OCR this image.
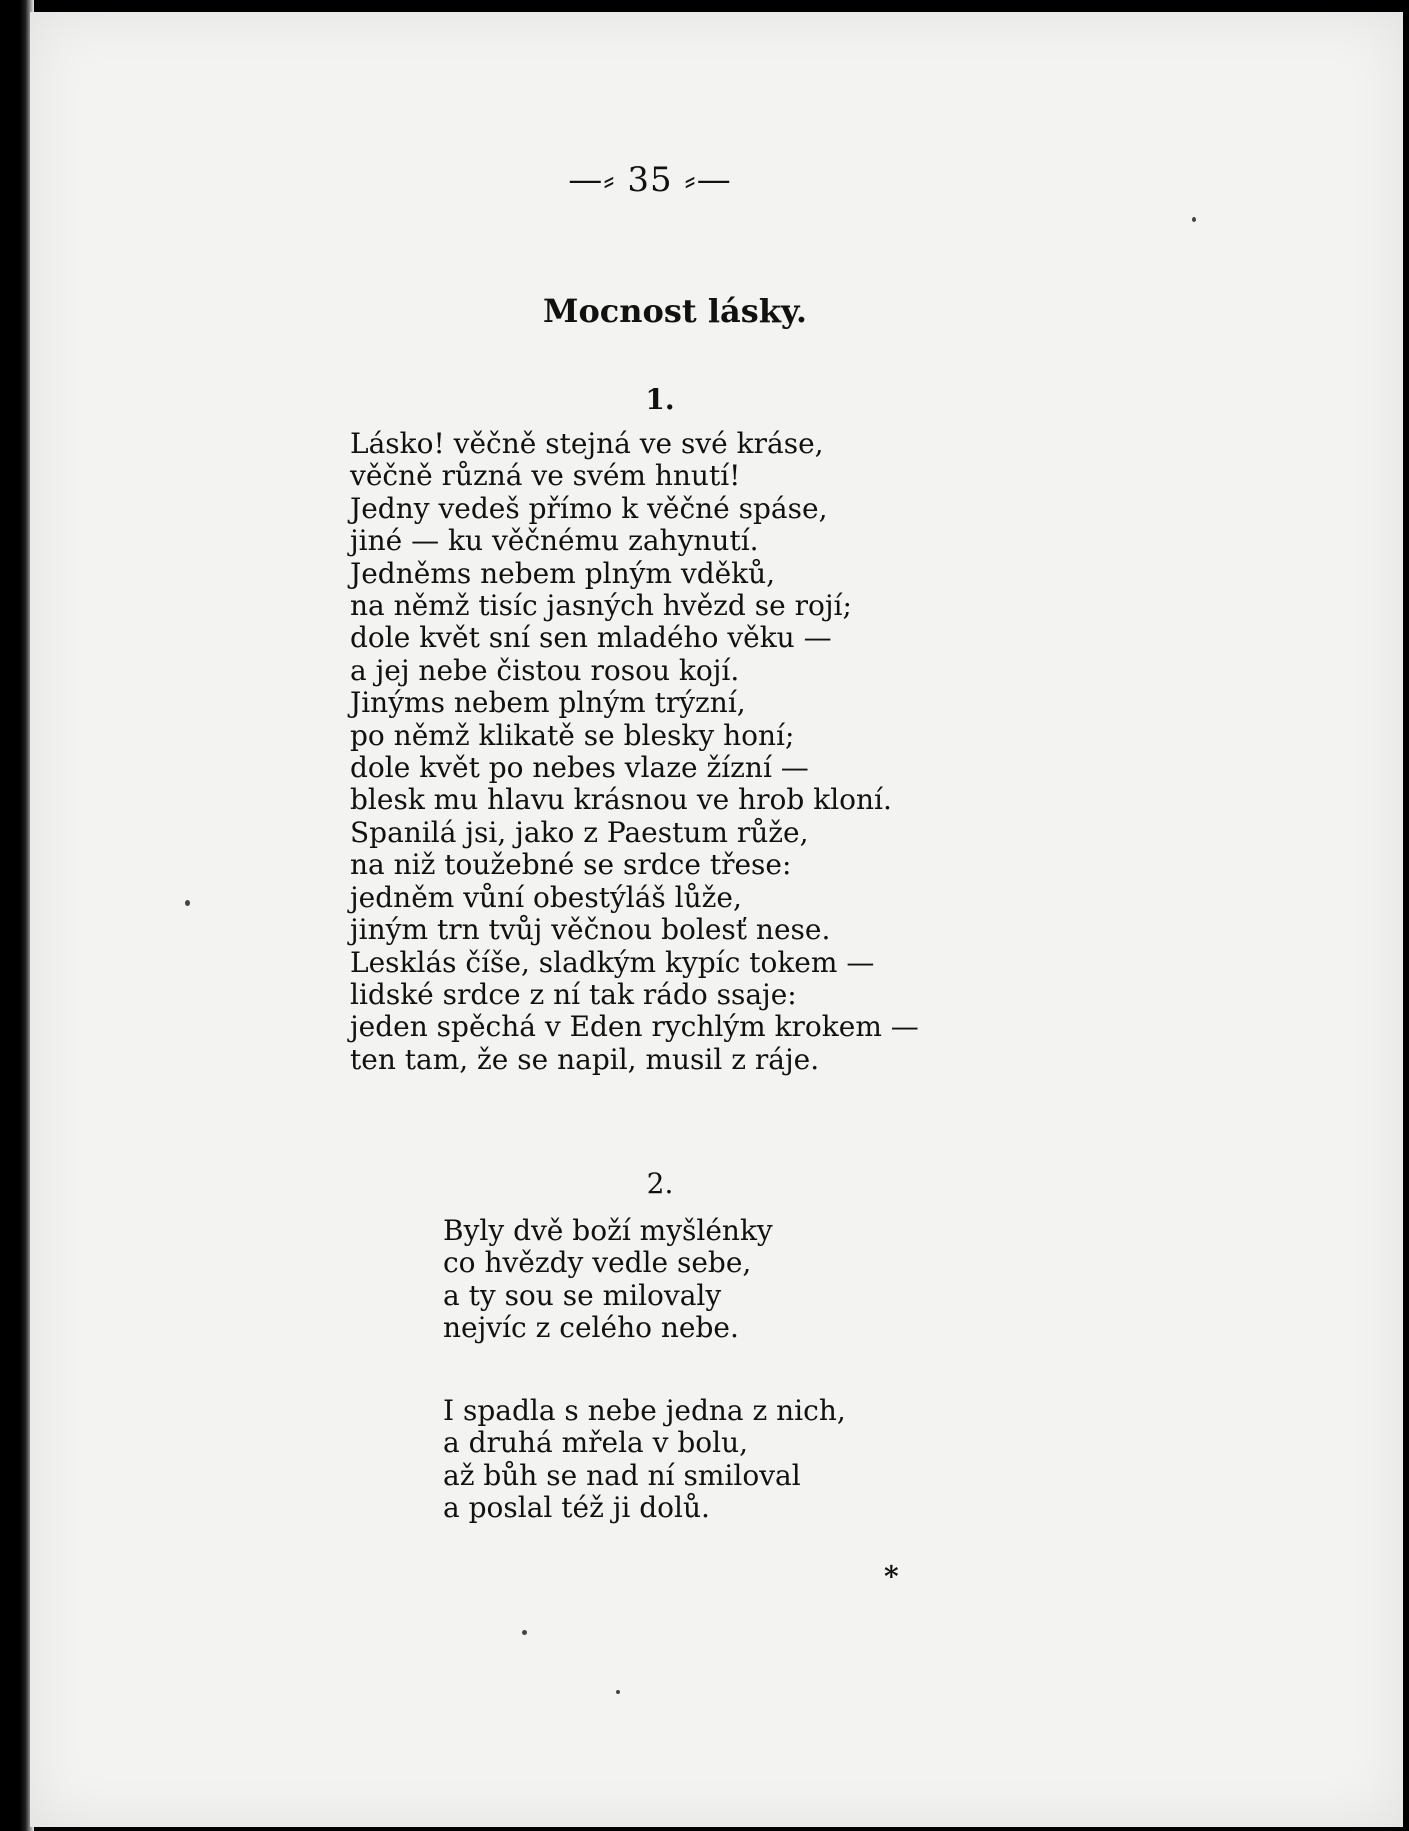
—⸗ 35 ⸗—
Mocnost lásky.
1.
Lásko! věčně stejná ve své kráse,
věčně různá ve svém hnutí!
Jedny vedeš přímo k věčné spáse,
jiné — ku věčnému zahynutí.
Jedněms nebem plným vděků,
na němž tisíc jasných hvězd se rojí;
dole květ sní sen mladého věku —
a jej nebe čistou rosou kojí.
Jinýms nebem plným trýzní,
po němž klikatě se blesky honí;
dole květ po nebes vlaze žízní —
blesk mu hlavu krásnou ve hrob kloní.
Spanilá jsi, jako z Paestum růže,
na niž toužebné se srdce třese:
jedněm vůní obestýláš lůže,
jiným trn tvůj věčnou bolesť nese.
Lesklás číše, sladkým kypíc tokem —
lidské srdce z ní tak rádo ssaje:
jeden spěchá v Eden rychlým krokem —
ten tam, že se napil, musil z ráje.
2.
Byly dvě boží myšlénky
co hvězdy vedle sebe,
a ty sou se milovaly
nejvíc z celého nebe.
I spadla s nebe jedna z nich,
a druhá mřela v bolu,
až bůh se nad ní smiloval
a poslal též ji dolů.
*
